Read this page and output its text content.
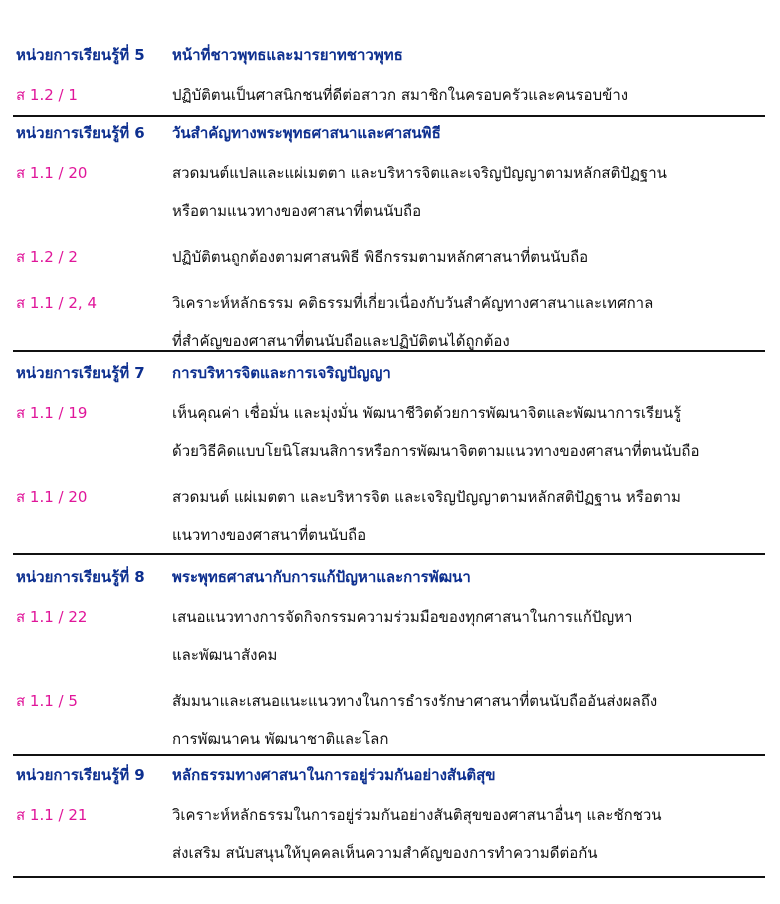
หน่วยการเรียนรู้ที่ 5 หน้าที่ชาวพุทธและมารยาทชาวพุทธ
ส 1.2 / 1	ปฏิบัติตนเป็นศาสนิกชนที่ดีต่อสาวก สมาชิกในครอบครัวและคนรอบข้าง
หน่วยการเรียนรู้ที่ 6 วันสำคัญทางพระพุทธศาสนาและศาสนพิธี
ส 1.1 / 20	สวดมนต์แปลและแผ่เมตตา และบริหารจิตและเจริญปัญญาตามหลักสติปัฏฐาน
หรือตามแนวทางของศาสนาที่ตนนับถือ
ส 1.2 / 2	ปฏิบัติตนถูกต้องตามศาสนพิธี พิธีกรรมตามหลักศาสนาที่ตนนับถือ
ส 1.1 / 2, 4	วิเคราะห์หลักธรรม คติธรรมที่เกี่ยวเนื่องกับวันสำคัญทางศาสนาและเทศกาล
ที่สำคัญของศาสนาที่ตนนับถือและปฏิบัติตนได้ถูกต้อง
หน่วยการเรียนรู้ที่ 7 การบริหารจิตและการเจริญปัญญา
ส 1.1 / 19	เห็นคุณค่า เชื่อมั่น และมุ่งมั่น พัฒนาชีวิตด้วยการพัฒนาจิตและพัฒนาการเรียนรู้
ด้วยวิธีคิดแบบโยนิโสมนสิการหรือการพัฒนาจิตตามแนวทางของศาสนาที่ตนนับถือ
ส 1.1 / 20	สวดมนต์ แผ่เมตตา และบริหารจิต และเจริญปัญญาตามหลักสติปัฏฐาน หรือตาม
แนวทางของศาสนาที่ตนนับถือ
หน่วยการเรียนรู้ที่ 8 พระพุทธศาสนากับการแก้ปัญหาและการพัฒนา
ส 1.1 / 22	เสนอแนวทางการจัดกิจกรรมความร่วมมือของทุกศาสนาในการแก้ปัญหา
และพัฒนาสังคม
ส 1.1 / 5	สัมมนาและเสนอแนะแนวทางในการธำรงรักษาศาสนาที่ตนนับถืออันส่งผลถึง
การพัฒนาคน พัฒนาชาติและโลก
หน่วยการเรียนรู้ที่ 9 หลักธรรมทางศาสนาในการอยู่ร่วมกันอย่างสันติสุข
ส 1.1 / 21	วิเคราะห์หลักธรรมในการอยู่ร่วมกันอย่างสันติสุขของศาสนาอื่นๆ และชักชวน
ส่งเสริม สนับสนุนให้บุคคลเห็นความสำคัญของการทำความดีต่อกัน
